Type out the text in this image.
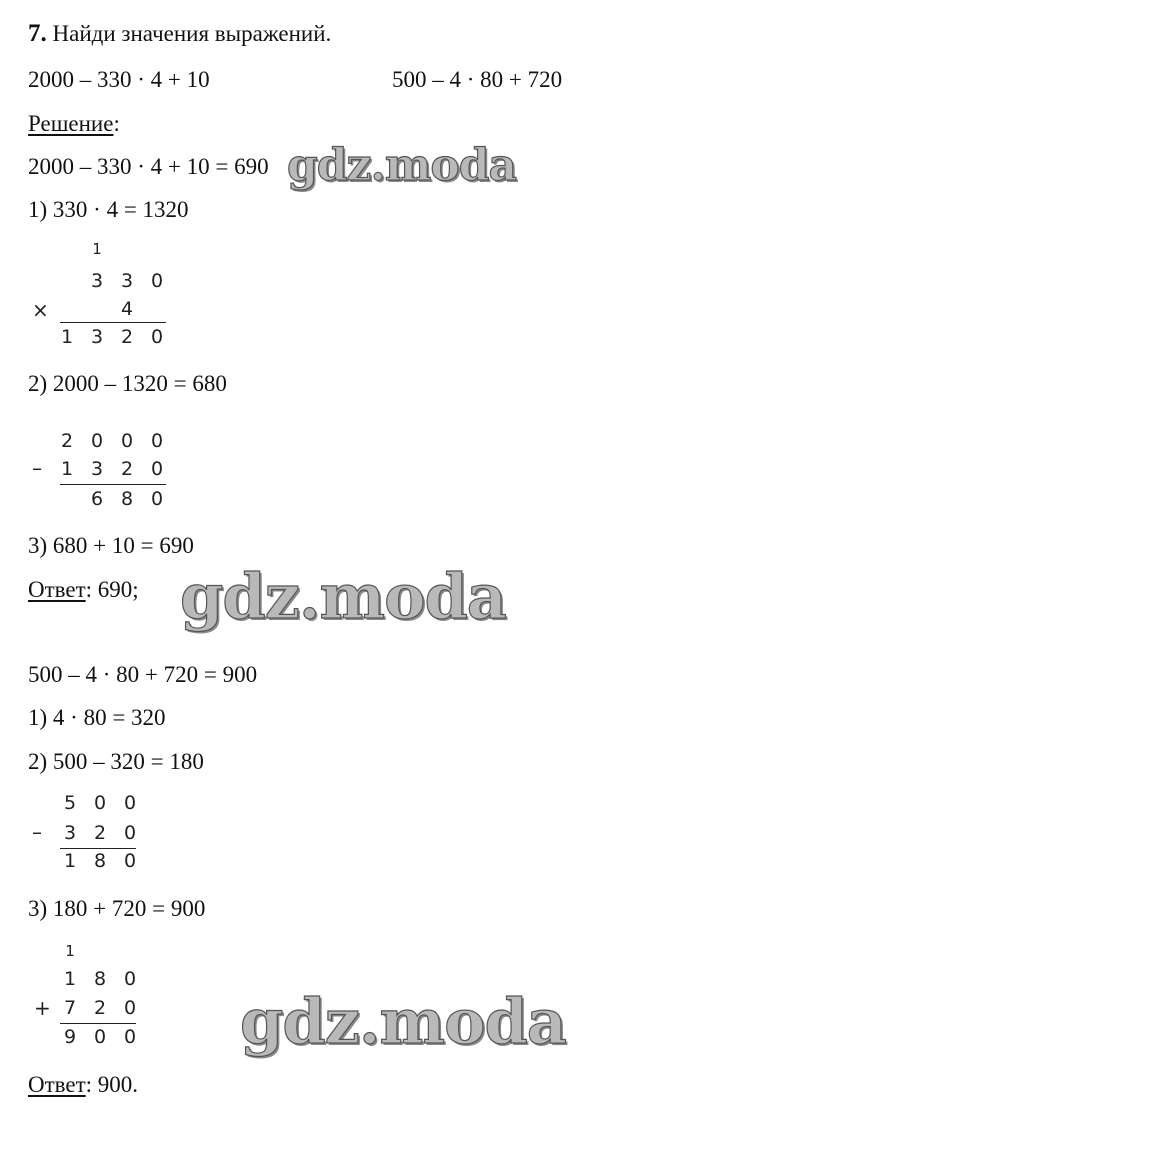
7. Найди значения выражений.
2000 – 330 · 4 + 10	500 – 4 · 80 + 720
Решение:
2000 – 330 · 4 + 10 = 690
1) 330 · 4 = 1320
1
3 3 0
×	4
1 3 2 0
2) 2000 – 1320 = 680
2 0 0 0
– 1 3 2 0
6 8 0
3) 680 + 10 = 690
Ответ: 690;
500 – 4 · 80 + 720 = 900
1) 4 · 80 = 320
2) 500 – 320 = 180
5 0 0
–	3 2 0
1 8 0
3) 180 + 720 = 900
1
1 8 0
+ 7 2 0
9 0 0
Ответ: 900.
gdz.moda
gdz.moda
gdz.moda
